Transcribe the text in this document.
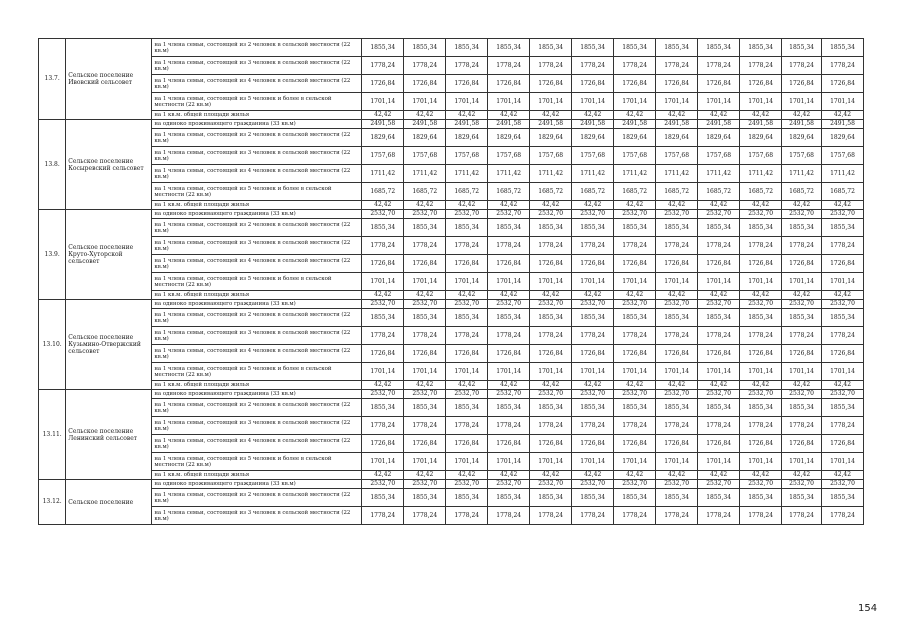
13.7.	Сельское поселение Ивовский сельсовет	на 1 члена семьи, состоящей из 2 человек в сельской местности (22 кв.м)	1855,34	1855,34	1855,34	1855,34	1855,34	1855,34	1855,34	1855,34	1855,34	1855,34	1855,34	1855,34
		на 1 члена семьи, состоящей из 3 человек в сельской местности (22 кв.м)	1778,24	1778,24	1778,24	1778,24	1778,24	1778,24	1778,24	1778,24	1778,24	1778,24	1778,24	1778,24
		на 1 члена семьи, состоящей из 4 человек в сельской местности (22 кв.м)	1726,84	1726,84	1726,84	1726,84	1726,84	1726,84	1726,84	1726,84	1726,84	1726,84	1726,84	1726,84
		на 1 члена семьи, состоящей из 5 человек и более в сельской местности (22 кв.м)	1701,14	1701,14	1701,14	1701,14	1701,14	1701,14	1701,14	1701,14	1701,14	1701,14	1701,14	1701,14
		на 1 кв.м. общей площади жилья	42,42	42,42	42,42	42,42	42,42	42,42	42,42	42,42	42,42	42,42	42,42	42,42
13.8.	Сельское поселение Косыревский сельсовет	на одиноко проживающего гражданина (33 кв.м)	2491,58	2491,58	2491,58	2491,58	2491,58	2491,58	2491,58	2491,58	2491,58	2491,58	2491,58	2491,58
		на 1 члена семьи, состоящей из 2 человек в сельской местности (22 кв.м)	1829,64	1829,64	1829,64	1829,64	1829,64	1829,64	1829,64	1829,64	1829,64	1829,64	1829,64	1829,64
		на 1 члена семьи, состоящей из 3 человек в сельской местности (22 кв.м)	1757,68	1757,68	1757,68	1757,68	1757,68	1757,68	1757,68	1757,68	1757,68	1757,68	1757,68	1757,68
		на 1 члена семьи, состоящей из 4 человек в сельской местности (22 кв.м)	1711,42	1711,42	1711,42	1711,42	1711,42	1711,42	1711,42	1711,42	1711,42	1711,42	1711,42	1711,42
		на 1 члена семьи, состоящей из 5 человек и более в сельской местности (22 кв.м)	1685,72	1685,72	1685,72	1685,72	1685,72	1685,72	1685,72	1685,72	1685,72	1685,72	1685,72	1685,72
		на 1 кв.м. общей площади жилья	42,42	42,42	42,42	42,42	42,42	42,42	42,42	42,42	42,42	42,42	42,42	42,42
13.9.	Сельское поселение Круто-Хуторской сельсовет	на одиноко проживающего гражданина (33 кв.м)	2532,70	2532,70	2532,70	2532,70	2532,70	2532,70	2532,70	2532,70	2532,70	2532,70	2532,70	2532,70
		на 1 члена семьи, состоящей из 2 человек в сельской местности (22 кв.м)	1855,34	1855,34	1855,34	1855,34	1855,34	1855,34	1855,34	1855,34	1855,34	1855,34	1855,34	1855,34
		на 1 члена семьи, состоящей из 3 человек в сельской местности (22 кв.м)	1778,24	1778,24	1778,24	1778,24	1778,24	1778,24	1778,24	1778,24	1778,24	1778,24	1778,24	1778,24
		на 1 члена семьи, состоящей из 4 человек в сельской местности (22 кв.м)	1726,84	1726,84	1726,84	1726,84	1726,84	1726,84	1726,84	1726,84	1726,84	1726,84	1726,84	1726,84
		на 1 члена семьи, состоящей из 5 человек и более в сельской местности (22 кв.м)	1701,14	1701,14	1701,14	1701,14	1701,14	1701,14	1701,14	1701,14	1701,14	1701,14	1701,14	1701,14
		на 1 кв.м. общей площади жилья	42,42	42,42	42,42	42,42	42,42	42,42	42,42	42,42	42,42	42,42	42,42	42,42
13.10.	Сельское поселение Кузьмино-Отвержский сельсовет	на одиноко проживающего гражданина (33 кв.м)	2532,70	2532,70	2532,70	2532,70	2532,70	2532,70	2532,70	2532,70	2532,70	2532,70	2532,70	2532,70
		на 1 члена семьи, состоящей из 2 человек в сельской местности (22 кв.м)	1855,34	1855,34	1855,34	1855,34	1855,34	1855,34	1855,34	1855,34	1855,34	1855,34	1855,34	1855,34
		на 1 члена семьи, состоящей из 3 человек в сельской местности (22 кв.м)	1778,24	1778,24	1778,24	1778,24	1778,24	1778,24	1778,24	1778,24	1778,24	1778,24	1778,24	1778,24
		на 1 члена семьи, состоящей из 4 человек в сельской местности (22 кв.м)	1726,84	1726,84	1726,84	1726,84	1726,84	1726,84	1726,84	1726,84	1726,84	1726,84	1726,84	1726,84
		на 1 члена семьи, состоящей из 5 человек и более в сельской местности (22 кв.м)	1701,14	1701,14	1701,14	1701,14	1701,14	1701,14	1701,14	1701,14	1701,14	1701,14	1701,14	1701,14
		на 1 кв.м. общей площади жилья	42,42	42,42	42,42	42,42	42,42	42,42	42,42	42,42	42,42	42,42	42,42	42,42
13.11.	Сельское поселение Ленинский сельсовет	на одиноко проживающего гражданина (33 кв.м)	2532,70	2532,70	2532,70	2532,70	2532,70	2532,70	2532,70	2532,70	2532,70	2532,70	2532,70	2532,70
		на 1 члена семьи, состоящей из 2 человек в сельской местности (22 кв.м)	1855,34	1855,34	1855,34	1855,34	1855,34	1855,34	1855,34	1855,34	1855,34	1855,34	1855,34	1855,34
		на 1 члена семьи, состоящей из 3 человек в сельской местности (22 кв.м)	1778,24	1778,24	1778,24	1778,24	1778,24	1778,24	1778,24	1778,24	1778,24	1778,24	1778,24	1778,24
		на 1 члена семьи, состоящей из 4 человек в сельской местности (22 кв.м)	1726,84	1726,84	1726,84	1726,84	1726,84	1726,84	1726,84	1726,84	1726,84	1726,84	1726,84	1726,84
		на 1 члена семьи, состоящей из 5 человек и более в сельской местности (22 кв.м)	1701,14	1701,14	1701,14	1701,14	1701,14	1701,14	1701,14	1701,14	1701,14	1701,14	1701,14	1701,14
		на 1 кв.м. общей площади жилья	42,42	42,42	42,42	42,42	42,42	42,42	42,42	42,42	42,42	42,42	42,42	42,42
13.12.	Сельское поселение	на одиноко проживающего гражданина (33 кв.м)	2532,70	2532,70	2532,70	2532,70	2532,70	2532,70	2532,70	2532,70	2532,70	2532,70	2532,70	2532,70
		на 1 члена семьи, состоящей из 2 человек в сельской местности (22 кв.м)	1855,34	1855,34	1855,34	1855,34	1855,34	1855,34	1855,34	1855,34	1855,34	1855,34	1855,34	1855,34
		на 1 члена семьи, состоящей из 3 человек в сельской местности (22 кв.м)	1778,24	1778,24	1778,24	1778,24	1778,24	1778,24	1778,24	1778,24	1778,24	1778,24	1778,24	1778,24
154
